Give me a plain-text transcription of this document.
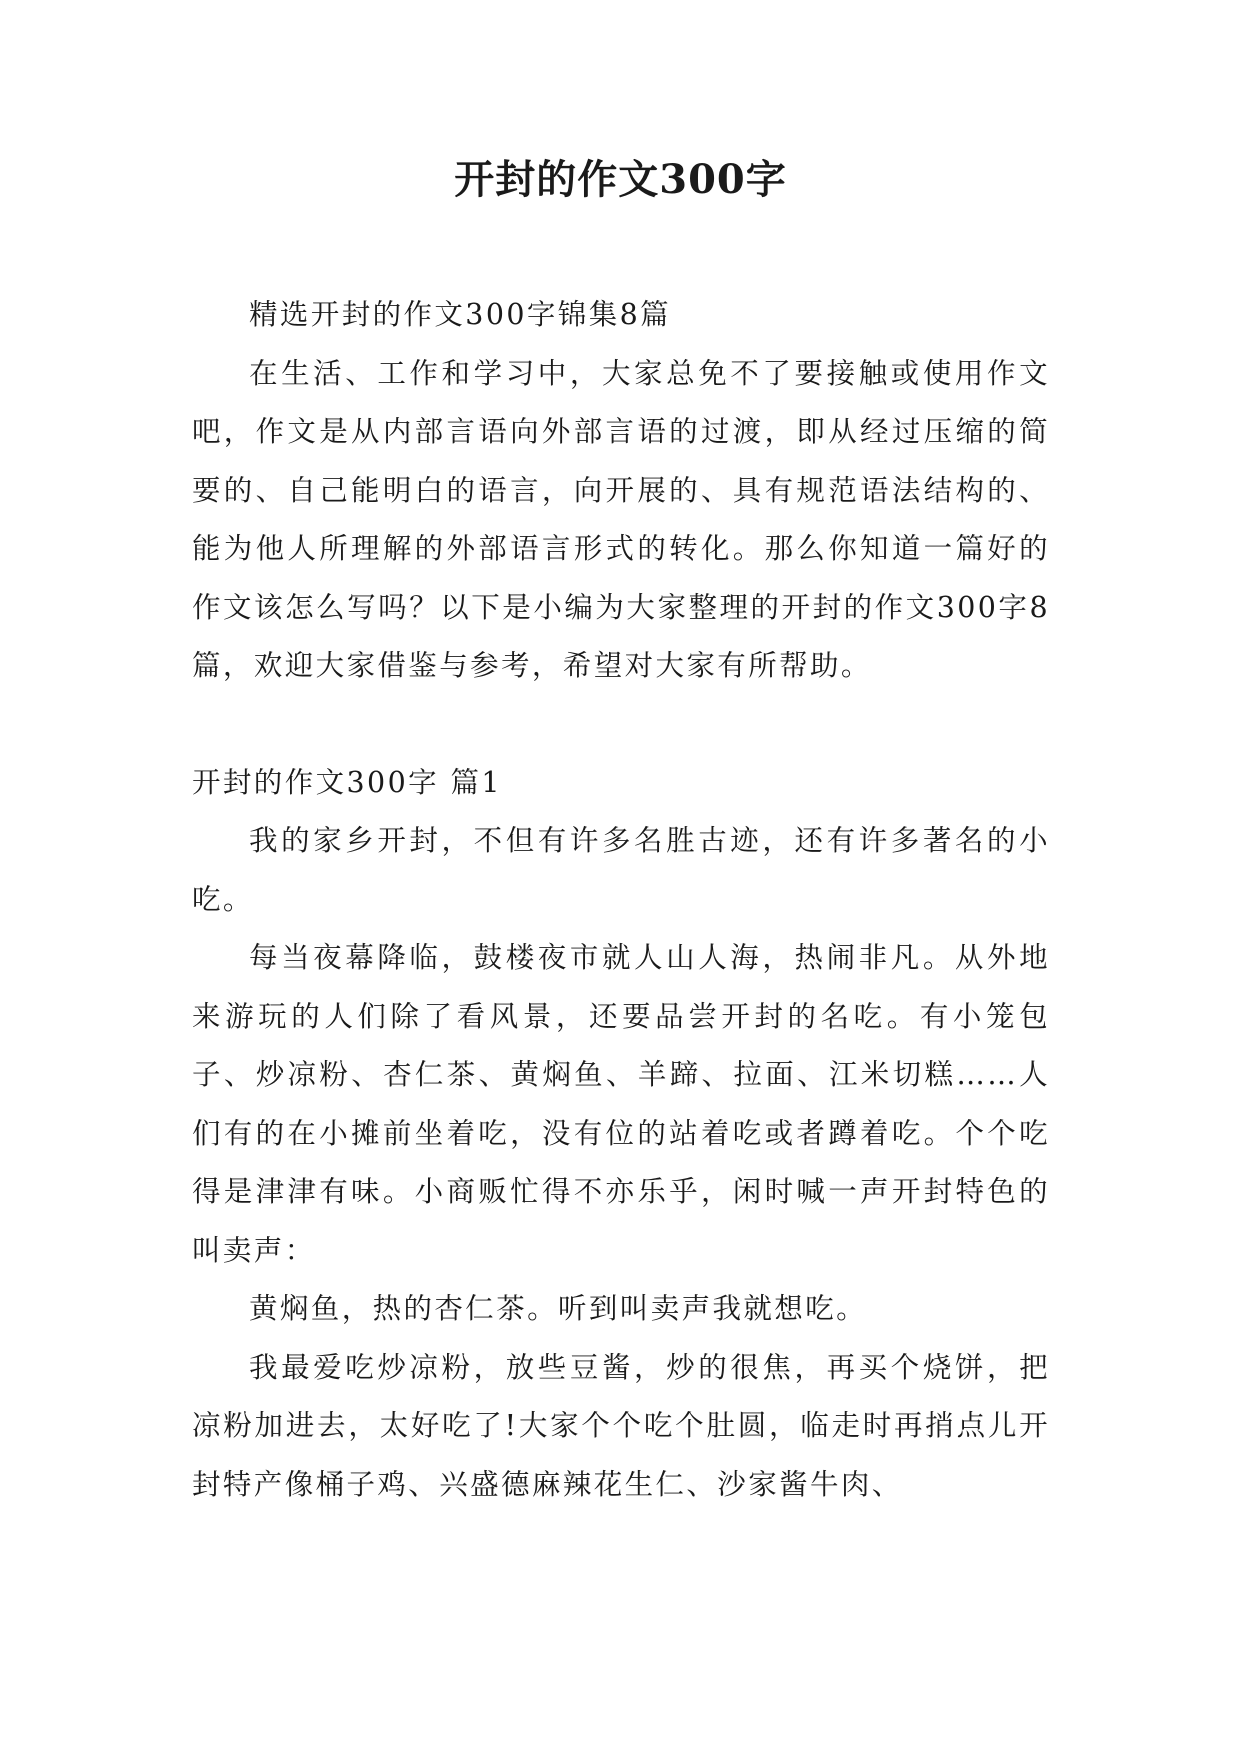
开封的作文300字

精选开封的作文300字锦集8篇

在生活、工作和学习中，大家总免不了要接触或使用作文吧，作文是从内部言语向外部言语的过渡，即从经过压缩的简要的、自己能明白的语言，向开展的、具有规范语法结构的、能为他人所理解的外部语言形式的转化。那么你知道一篇好的作文该怎么写吗？以下是小编为大家整理的开封的作文300字8篇，欢迎大家借鉴与参考，希望对大家有所帮助。

开封的作文300字 篇1

我的家乡开封，不但有许多名胜古迹，还有许多著名的小吃。

每当夜幕降临，鼓楼夜市就人山人海，热闹非凡。从外地来游玩的人们除了看风景，还要品尝开封的名吃。有小笼包子、炒凉粉、杏仁茶、黄焖鱼、羊蹄、拉面、江米切糕……人们有的在小摊前坐着吃，没有位的站着吃或者蹲着吃。个个吃得是津津有味。小商贩忙得不亦乐乎，闲时喊一声开封特色的叫卖声：

黄焖鱼，热的杏仁茶。听到叫卖声我就想吃。

我最爱吃炒凉粉，放些豆酱，炒的很焦，再买个烧饼，把凉粉加进去，太好吃了!大家个个吃个肚圆，临走时再捎点儿开封特产像桶子鸡、兴盛德麻辣花生仁、沙家酱牛肉、
